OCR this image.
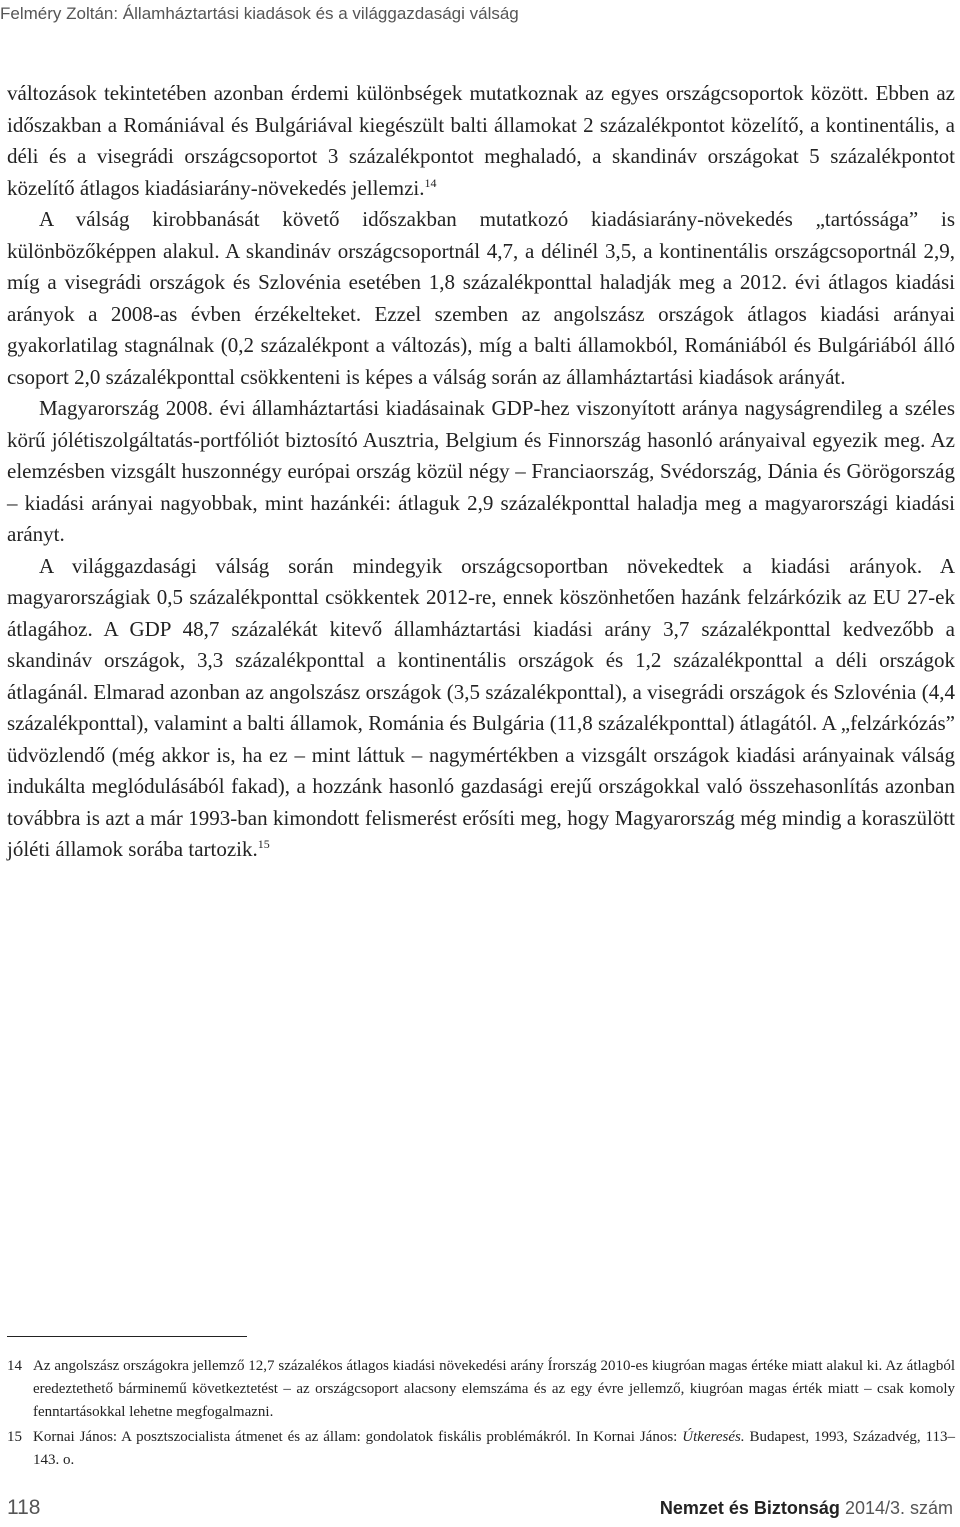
Felméry Zoltán: Államháztartási kiadások és a világgazdasági válság

változások tekintetében azonban érdemi különbségek mutatkoznak az egyes országcsoportok között. Ebben az időszakban a Romániával és Bulgáriával kiegészült balti államokat 2 százalékpontot közelítő, a kontinentális, a déli és a visegrádi országcsoportot 3 százalékpontot meghaladó, a skandináv országokat 5 százalékpontot közelítő átlagos kiadásiarány-növekedés jellemzi.$^{14}$

A válság kirobbanását követő időszakban mutatkozó kiadásiarány-növekedés „tartóssága” is különbözőképpen alakul. A skandináv országcsoportnál 4,7, a délinél 3,5, a kontinentális országcsoportnál 2,9, míg a visegrádi országok és Szlovénia esetében 1,8 százalékponttal haladják meg a 2012. évi átlagos kiadási arányok a 2008-as évben érzékelteket. Ezzel szemben az angolszász országok átlagos kiadási arányai gyakorlatilag stagnálnak (0,2 százalékpont a változás), míg a balti államokból, Romániából és Bulgáriából álló csoport 2,0 százalékponttal csökkenteni is képes a válság során az államháztartási kiadások arányát.

Magyarország 2008. évi államháztartási kiadásainak GDP-hez viszonyított aránya nagyságrendileg a széles körű jólétiszolgáltatás-portfóliót biztosító Ausztria, Belgium és Finnország hasonló arányaival egyezik meg. Az elemzésben vizsgált huszonnégy európai ország közül négy – Franciaország, Svédország, Dánia és Görögország – kiadási arányai nagyobbak, mint hazánkéi: átlaguk 2,9 százalékponttal haladja meg a magyarországi kiadási arányt.

A világgazdasági válság során mindegyik országcsoportban növekedtek a kiadási arányok. A magyarországiak 0,5 százalékponttal csökkentek 2012-re, ennek köszönhetően hazánk felzárkózik az EU 27-ek átlagához. A GDP 48,7 százalékát kitevő államháztartási kiadási arány 3,7 százalékponttal kedvezőbb a skandináv országok, 3,3 százalékponttal a kontinentális országok és 1,2 százalékponttal a déli országok átlagánál. Elmarad azonban az angolszász országok (3,5 százalékponttal), a visegrádi országok és Szlovénia (4,4 százalékponttal), valamint a balti államok, Románia és Bulgária (11,8 százalékponttal) átlagától. A „felzárkózás” üdvözlendő (még akkor is, ha ez – mint láttuk – nagymértékben a vizsgált országok kiadási arányainak válság indukálta meglódulásából fakad), a hozzánk hasonló gazdasági erejű országokkal való összehasonlítás azonban továbbra is azt a már 1993-ban kimondott felismerést erősíti meg, hogy Magyarország még mindig a koraszülött jóléti államok sorába tartozik.$^{15}$

14 Az angolszász országokra jellemző 12,7 százalékos átlagos kiadási növekedési arány Írország 2010-es kiugróan magas értéke miatt alakul ki. Az átlagból eredeztethető bárminemű következtetést – az országcsoport alacsony elemszáma és az egy évre jellemző, kiugróan magas érték miatt – csak komoly fenntartásokkal lehetne megfogalmazni.
15 Kornai János: A posztszocialista átmenet és az állam: gondolatok fiskális problémákról. In Kornai János: Útkeresés. Budapest, 1993, Századvég, 113–143. o.
118	Nemzet és Biztonság 2014/3. szám
